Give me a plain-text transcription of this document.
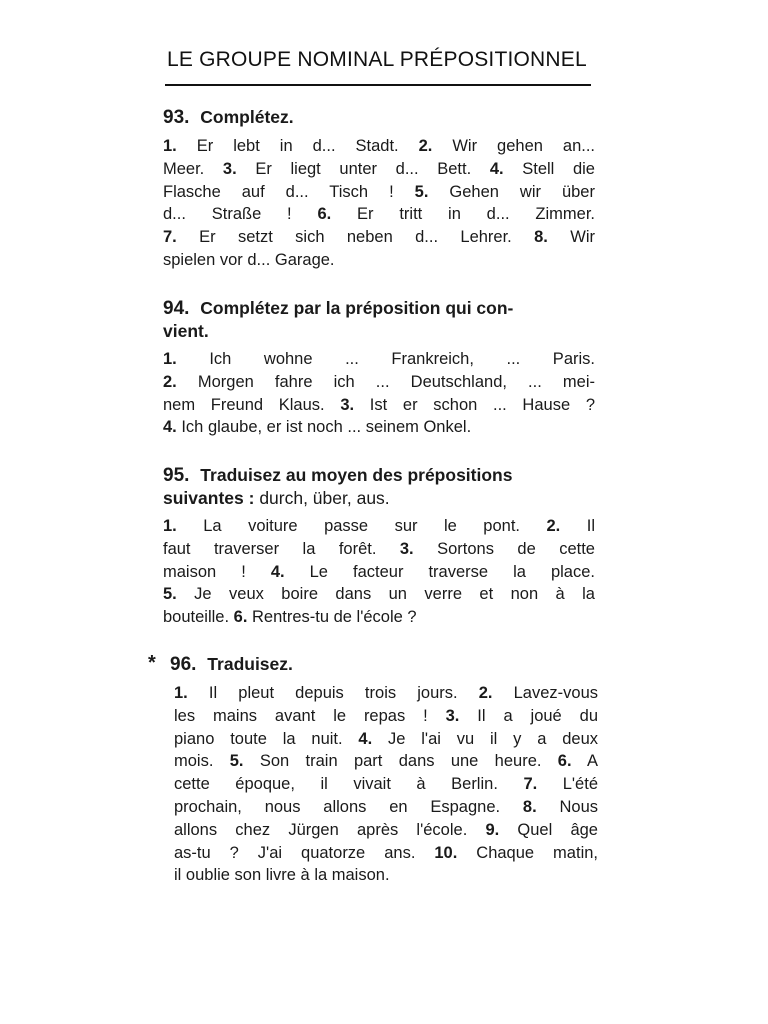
LE GROUPE NOMINAL PRÉPOSITIONNEL
93. Complétez.
1. Er lebt in d... Stadt. 2. Wir gehen an...
Meer. 3. Er liegt unter d... Bett. 4. Stell die
Flasche auf d... Tisch ! 5. Gehen wir über
d... Straße ! 6. Er tritt in d... Zimmer.
7. Er setzt sich neben d... Lehrer. 8. Wir
spielen vor d... Garage.
94. Complétez par la préposition qui con-
vient.
1. Ich wohne ... Frankreich, ... Paris.
2. Morgen fahre ich ... Deutschland, ... mei-
nem Freund Klaus. 3. Ist er schon ... Hause ?
4. Ich glaube, er ist noch ... seinem Onkel.
95. Traduisez au moyen des prépositions
suivantes : durch, über, aus.
1. La voiture passe sur le pont. 2. Il
faut traverser la forêt. 3. Sortons de cette
maison ! 4. Le facteur traverse la place.
5. Je veux boire dans un verre et non à la
bouteille. 6. Rentres-tu de l'école ?
* 96. Traduisez.
1. Il pleut depuis trois jours. 2. Lavez-vous
les mains avant le repas ! 3. Il a joué du
piano toute la nuit. 4. Je l'ai vu il y a deux
mois. 5. Son train part dans une heure. 6. A
cette époque, il vivait à Berlin. 7. L'été
prochain, nous allons en Espagne. 8. Nous
allons chez Jürgen après l'école. 9. Quel âge
as-tu ? J'ai quatorze ans. 10. Chaque matin,
il oublie son livre à la maison.
